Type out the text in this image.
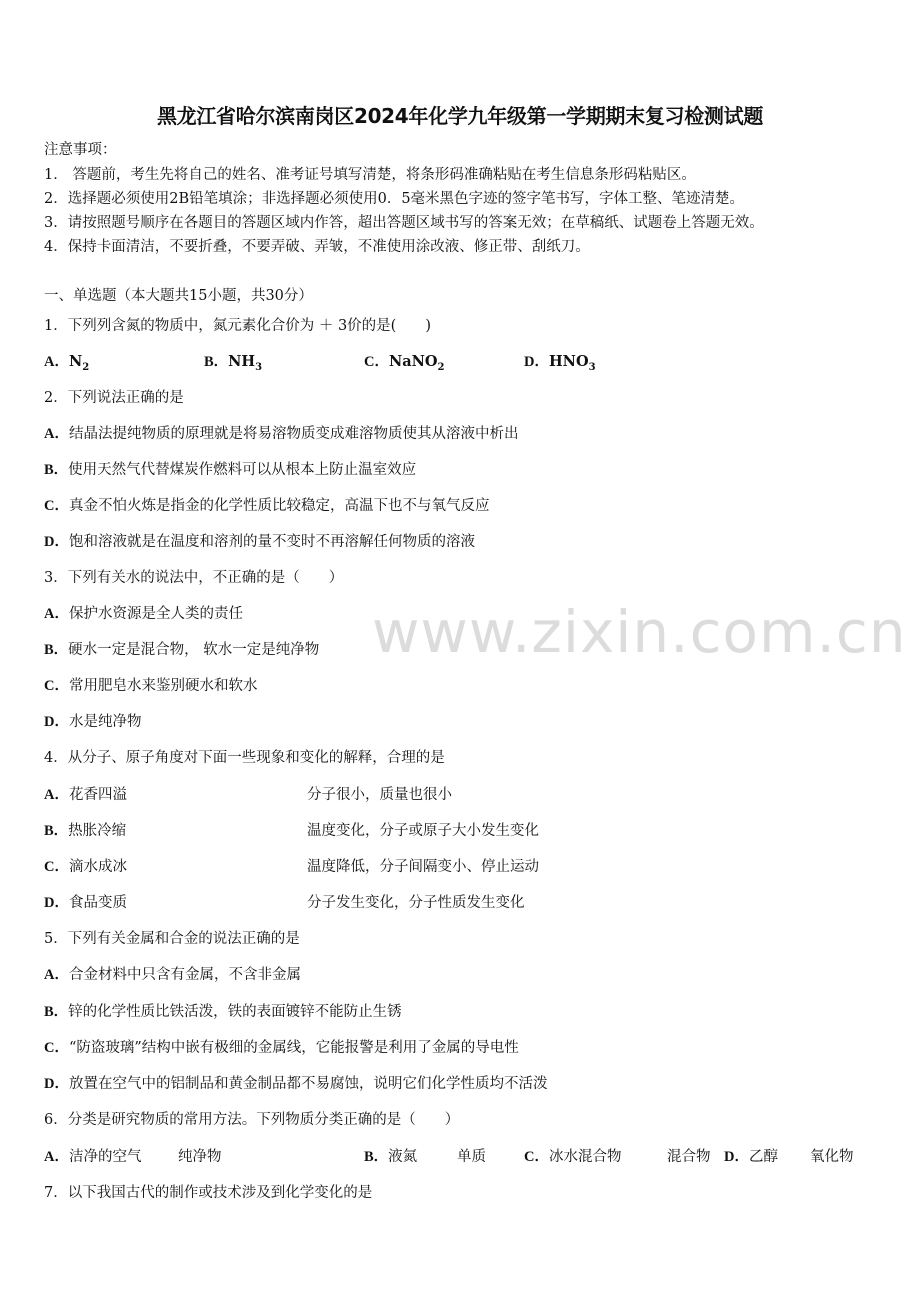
黑龙江省哈尔滨南岗区2024年化学九年级第一学期期末复习检测试题
注意事项：
1． 答题前，考生先将自己的姓名、准考证号填写清楚，将条形码准确粘贴在考生信息条形码粘贴区。
2．选择题必须使用2B铅笔填涂；非选择题必须使用0．5毫米黑色字迹的签字笔书写，字体工整、笔迹清楚。
3．请按照题号顺序在各题目的答题区域内作答，超出答题区域书写的答案无效；在草稿纸、试题卷上答题无效。
4．保持卡面清洁，不要折叠，不要弄破、弄皱，不准使用涂改液、修正带、刮纸刀。
一、单选题（本大题共15小题，共30分）
1．下列列含氮的物质中，氮元素化合价为 ＋ 3价的是(　　)
A．$N_2$	B．$NH_3$	C．NaNO$_2$	D．$HNO_3$
2．下列说法正确的是
A．结晶法提纯物质的原理就是将易溶物质变成难溶物质使其从溶液中析出
B．使用天然气代替煤炭作燃料可以从根本上防止温室效应
C．真金不怕火炼是指金的化学性质比较稳定，高温下也不与氧气反应
D．饱和溶液就是在温度和溶剂的量不变时不再溶解任何物质的溶液
3．下列有关水的说法中，不正确的是（　　）
A．保护水资源是全人类的责任
B．硬水一定是混合物， 软水一定是纯净物
C．常用肥皂水来鉴别硬水和软水
D．水是纯净物
4．从分子、原子角度对下面一些现象和变化的解释，合理的是
A．花香四溢	分子很小，质量也很小
B．热胀冷缩	温度变化，分子或原子大小发生变化
C．滴水成冰	温度降低，分子间隔变小、停止运动
D．食品变质	分子发生变化，分子性质发生变化
5．下列有关金属和合金的说法正确的是
A．合金材料中只含有金属，不含非金属
B．锌的化学性质比铁活泼，铁的表面镀锌不能防止生锈
C．“防盗玻璃”结构中嵌有极细的金属线，它能报警是利用了金属的导电性
D．放置在空气中的铝制品和黄金制品都不易腐蚀，说明它们化学性质均不活泼
6．分类是研究物质的常用方法。下列物质分类正确的是（　　）
A．洁净的空气	纯净物	B．液氮	单质	C．冰水混合物	混合物 D．乙醇 氧化物
7．以下我国古代的制作或技术涉及到化学变化的是
www.zixin.com.cn
